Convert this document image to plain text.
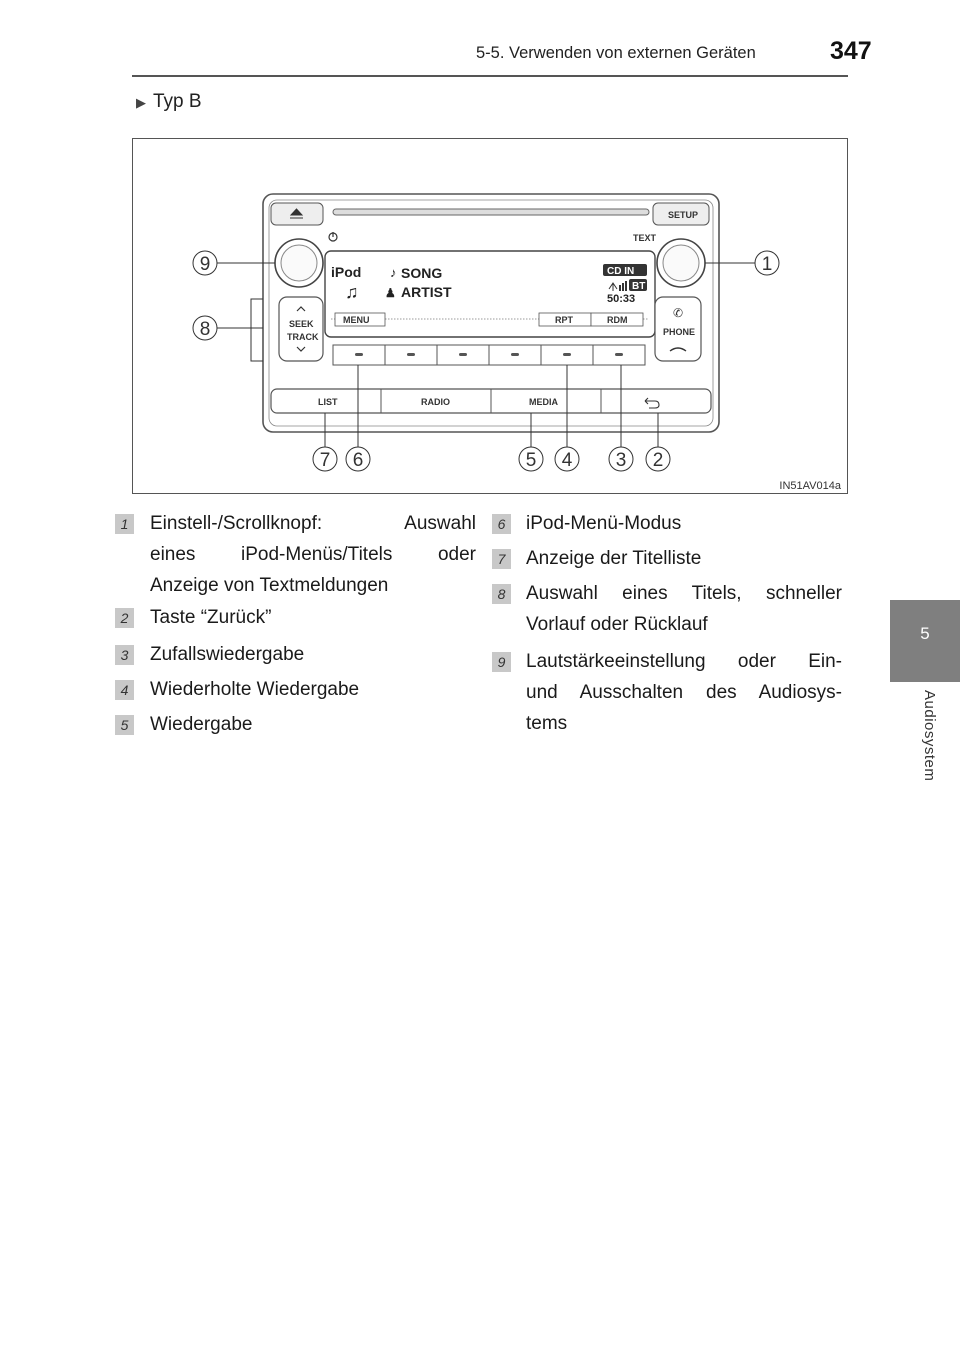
5-5. Verwenden von externen Geräten	347
5
Audiosystem
▶ Typ B
SETUP
TEXT
iPod ♪ SONG
♫ ♟ ARTIST
CD IN
BT
50:33
MENU	RPT	RDM
SEEK
TRACK
✆
PHONE
LIST	RADIO	MEDIA
1
2
3
4
5
6
7
8
9
IN51AV014a
1 Einstell-/Scrollknopf: Auswahl
eines iPod-Menüs/Titels oder
Anzeige von Textmeldungen
2 Taste “Zurück”
3 Zufallswiedergabe
4 Wiederholte Wiedergabe
5 Wiedergabe
6 iPod-Menü-Modus
7 Anzeige der Titelliste
8 Auswahl eines Titels, schneller
Vorlauf oder Rücklauf
9 Lautstärkeeinstellung oder Ein-
und Ausschalten des Audiosys-
tems
